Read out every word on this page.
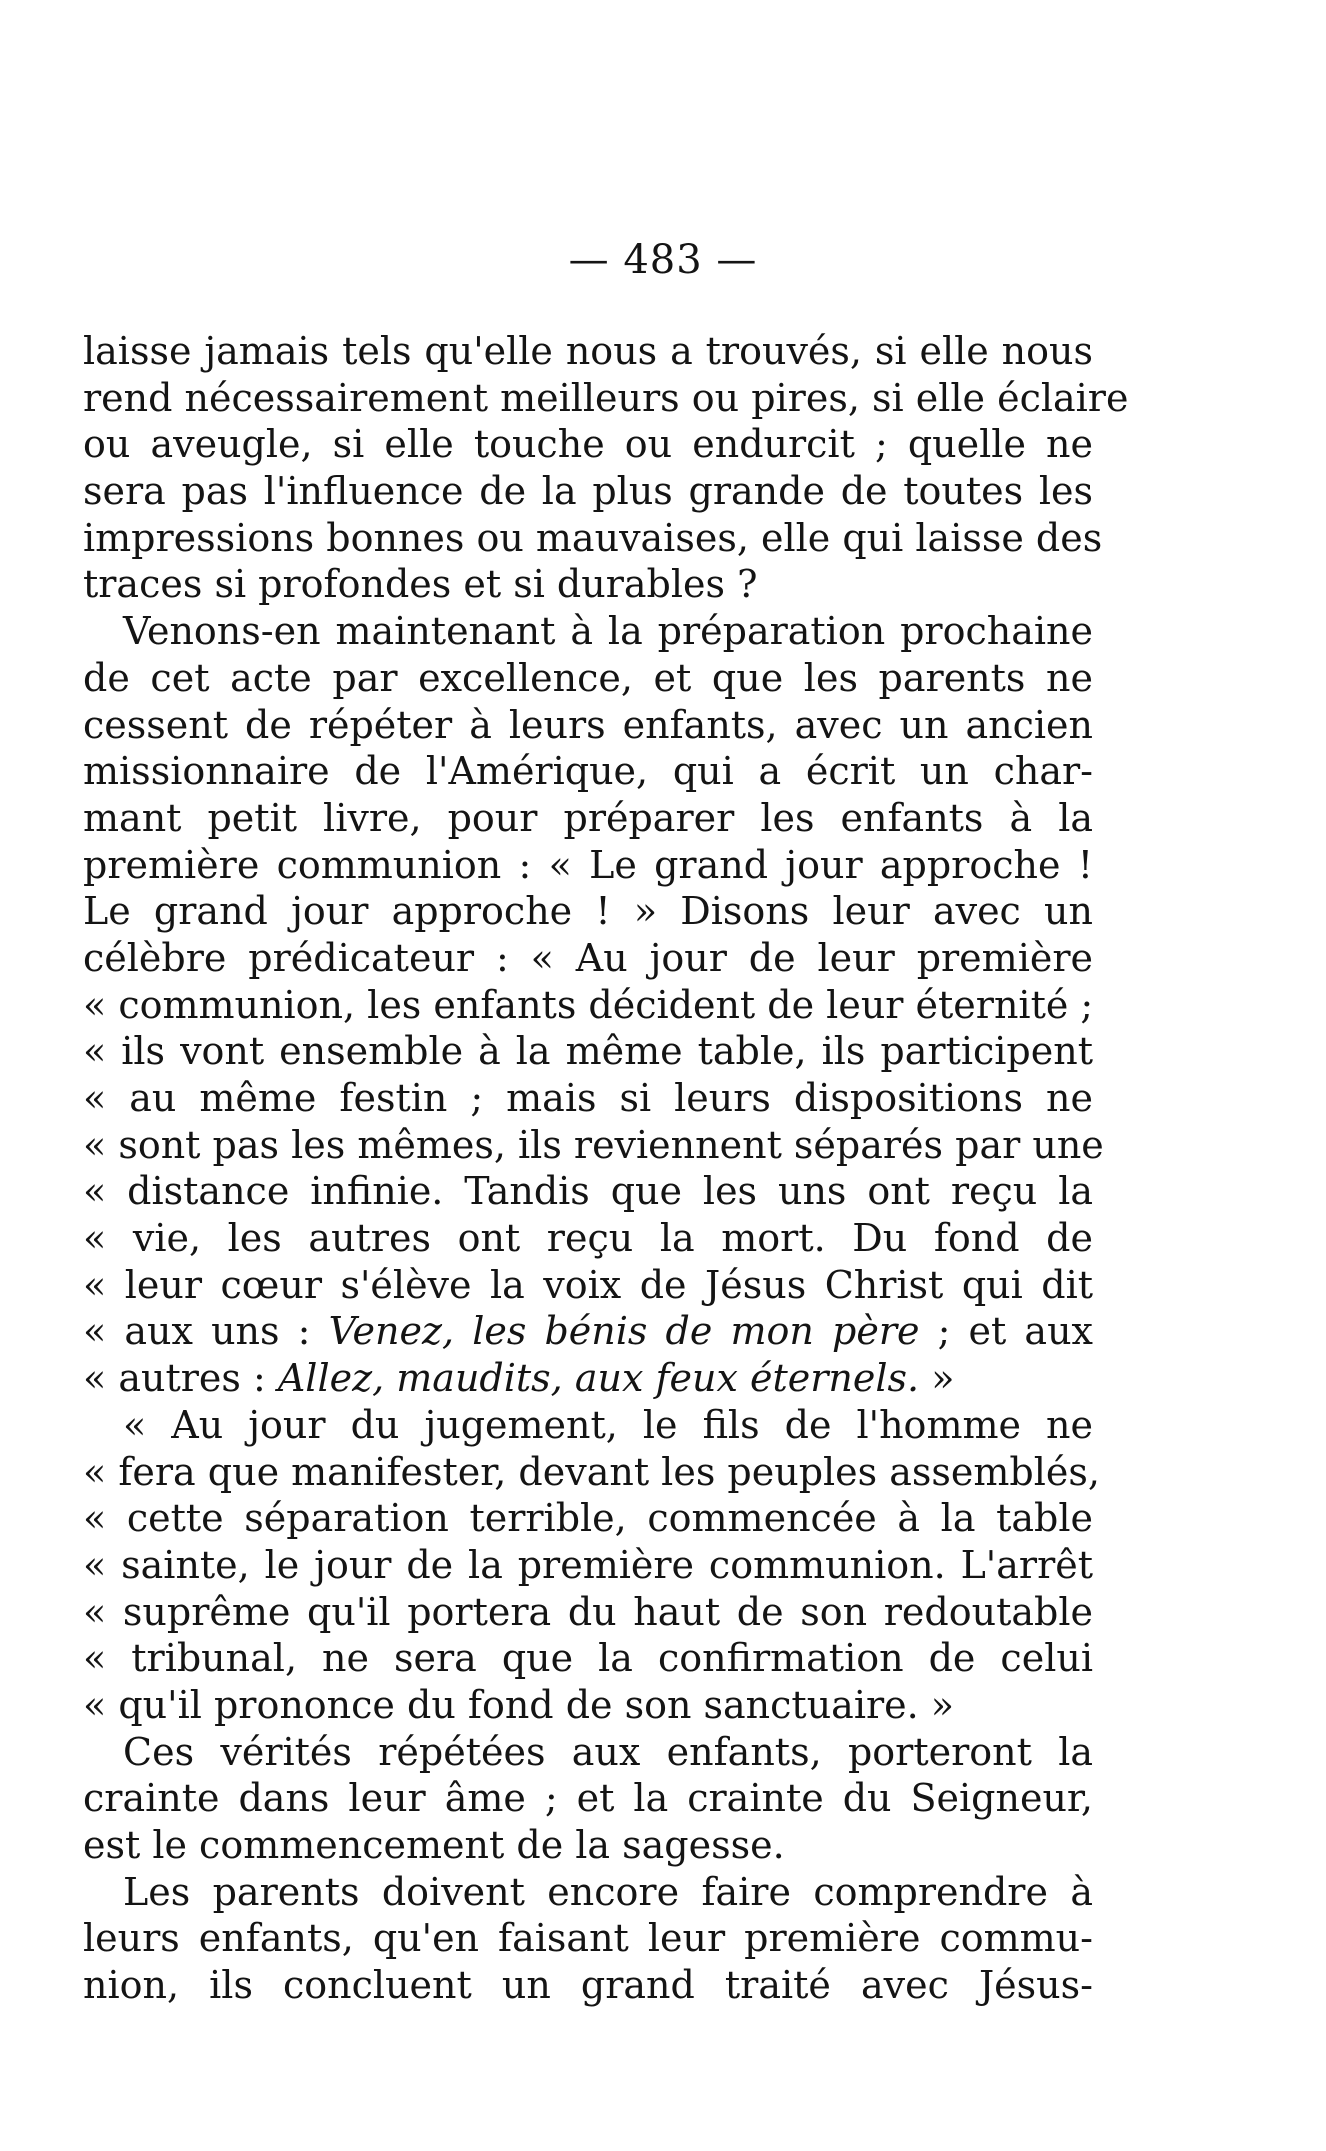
— 483 —
laisse jamais tels qu'elle nous a trouvés, si elle nous
rend nécessairement meilleurs ou pires, si elle éclaire
ou aveugle, si elle touche ou endurcit ; quelle ne
sera pas l'influence de la plus grande de toutes les
impressions bonnes ou mauvaises, elle qui laisse des
traces si profondes et si durables ?
Venons-en maintenant à la préparation prochaine
de cet acte par excellence, et que les parents ne
cessent de répéter à leurs enfants, avec un ancien
missionnaire de l'Amérique, qui a écrit un char-
mant petit livre, pour préparer les enfants à la
première communion : « Le grand jour approche !
Le grand jour approche ! » Disons leur avec un
célèbre prédicateur : « Au jour de leur première
« communion, les enfants décident de leur éternité ;
« ils vont ensemble à la même table, ils participent
« au même festin ; mais si leurs dispositions ne
« sont pas les mêmes, ils reviennent séparés par une
« distance infinie. Tandis que les uns ont reçu la
« vie, les autres ont reçu la mort. Du fond de
« leur cœur s'élève la voix de Jésus Christ qui dit
« aux uns : Venez, les bénis de mon père ; et aux
« autres : Allez, maudits, aux feux éternels. »
« Au jour du jugement, le fils de l'homme ne
« fera que manifester, devant les peuples assemblés,
« cette séparation terrible, commencée à la table
« sainte, le jour de la première communion. L'arrêt
« suprême qu'il portera du haut de son redoutable
« tribunal, ne sera que la confirmation de celui
« qu'il prononce du fond de son sanctuaire. »
Ces vérités répétées aux enfants, porteront la
crainte dans leur âme ; et la crainte du Seigneur,
est le commencement de la sagesse.
Les parents doivent encore faire comprendre à
leurs enfants, qu'en faisant leur première commu-
nion, ils concluent un grand traité avec Jésus-
